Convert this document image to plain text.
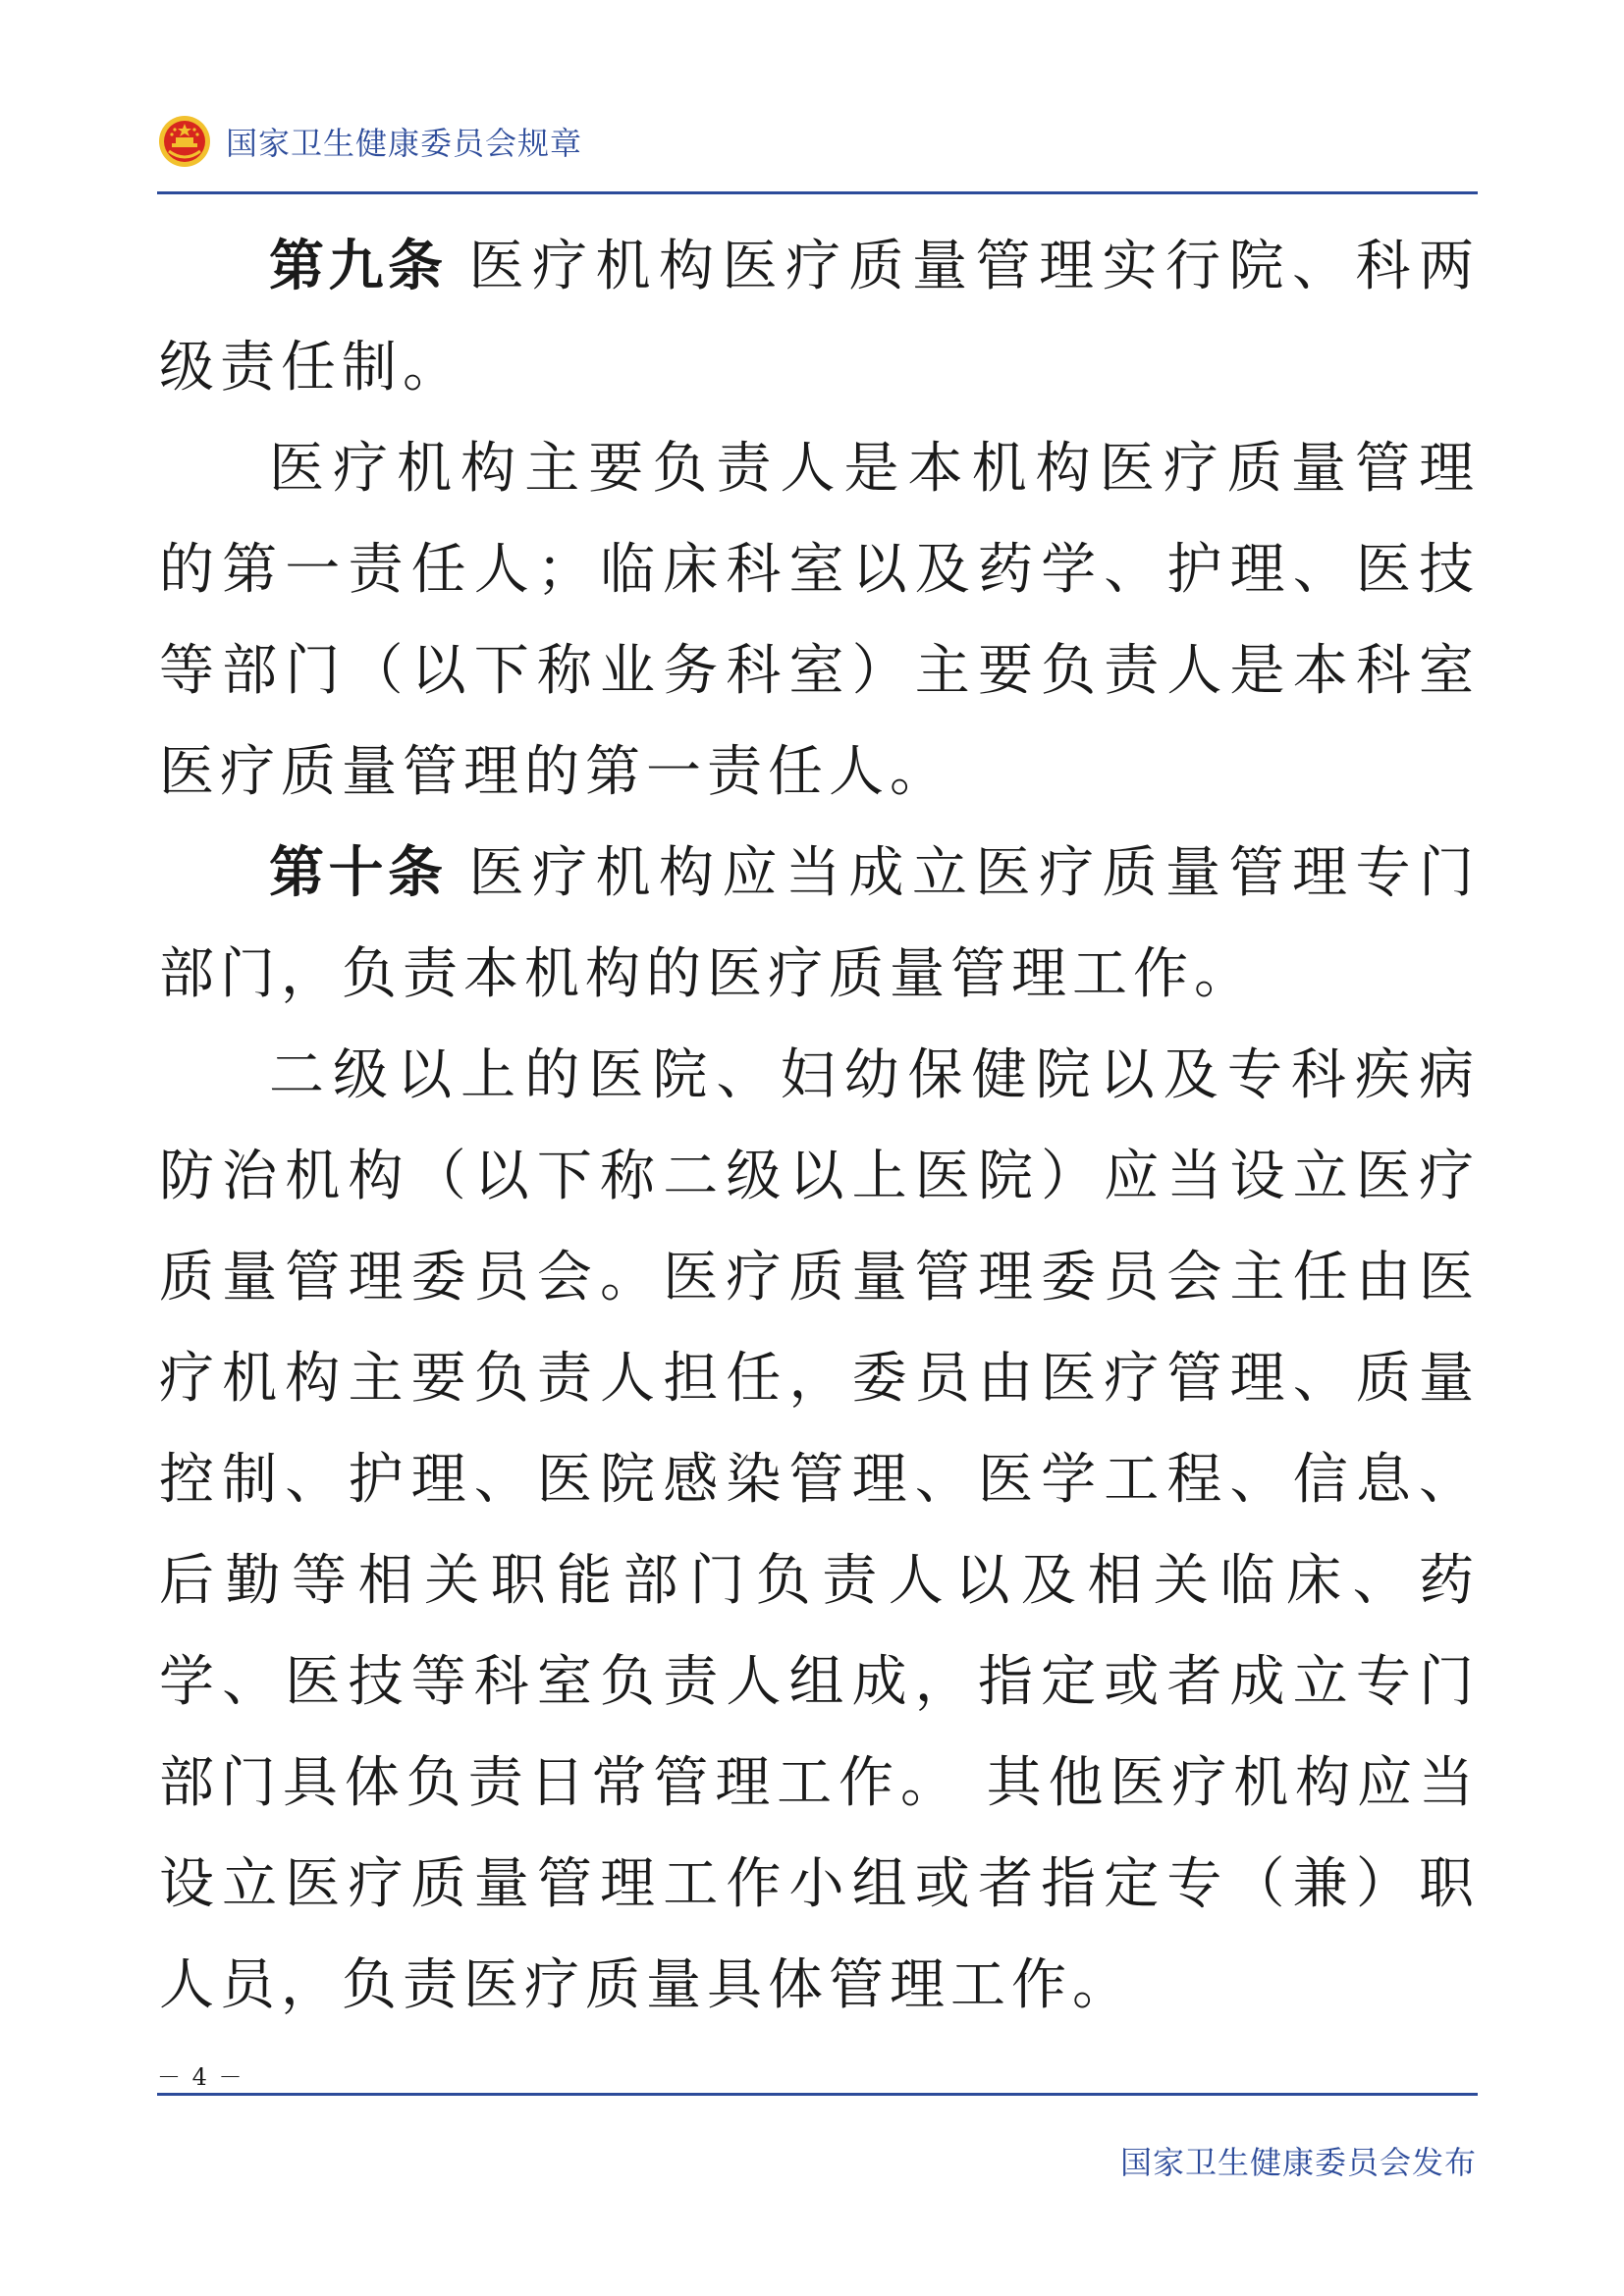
国家卫生健康委员会规章

第九条 医疗机构医疗质量管理实行院、科两级责任制。

医疗机构主要负责人是本机构医疗质量管理的第一责任人；临床科室以及药学、护理、医技等部门（以下称业务科室）主要负责人是本科室医疗质量管理的第一责任人。

第十条 医疗机构应当成立医疗质量管理专门部门，负责本机构的医疗质量管理工作。

二级以上的医院、妇幼保健院以及专科疾病防治机构（以下称二级以上医院）应当设立医疗质量管理委员会。医疗质量管理委员会主任由医疗机构主要负责人担任，委员由医疗管理、质量控制、护理、医院感染管理、医学工程、信息、后勤等相关职能部门负责人以及相关临床、药学、医技等科室负责人组成，指定或者成立专门部门具体负责日常管理工作。 其他医疗机构应当设立医疗质量管理工作小组或者指定专（兼）职人员，负责医疗质量具体管理工作。

－ 4 －
国家卫生健康委员会发布
